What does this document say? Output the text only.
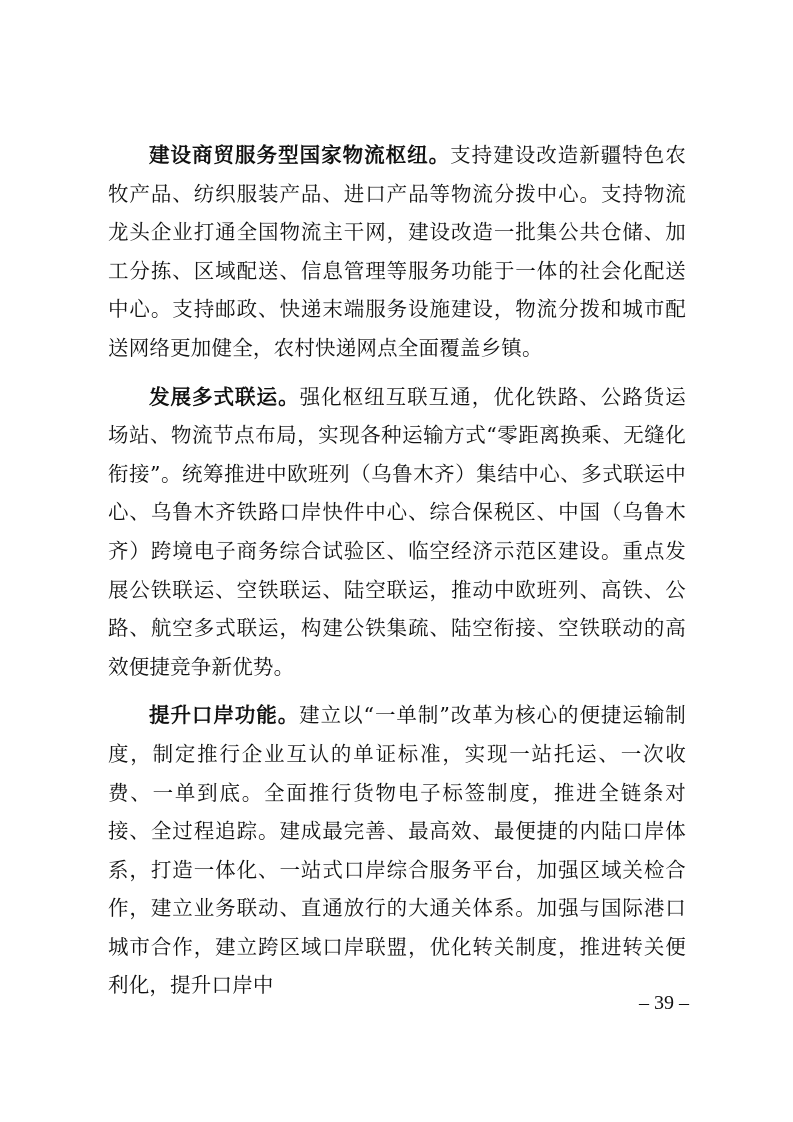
建设商贸服务型国家物流枢纽。支持建设改造新疆特色农牧产品、纺织服装产品、进口产品等物流分拨中心。支持物流龙头企业打通全国物流主干网，建设改造一批集公共仓储、加工分拣、区域配送、信息管理等服务功能于一体的社会化配送中心。支持邮政、快递末端服务设施建设，物流分拨和城市配送网络更加健全，农村快递网点全面覆盖乡镇。

发展多式联运。强化枢纽互联互通，优化铁路、公路货运场站、物流节点布局，实现各种运输方式“零距离换乘、无缝化衔接”。统筹推进中欧班列（乌鲁木齐）集结中心、多式联运中心、乌鲁木齐铁路口岸快件中心、综合保税区、中国（乌鲁木齐）跨境电子商务综合试验区、临空经济示范区建设。重点发展公铁联运、空铁联运、陆空联运，推动中欧班列、高铁、公路、航空多式联运，构建公铁集疏、陆空衔接、空铁联动的高效便捷竞争新优势。

提升口岸功能。建立以“一单制”改革为核心的便捷运输制度，制定推行企业互认的单证标准，实现一站托运、一次收费、一单到底。全面推行货物电子标签制度，推进全链条对接、全过程追踪。建成最完善、最高效、最便捷的内陆口岸体系，打造一体化、一站式口岸综合服务平台，加强区域关检合作，建立业务联动、直通放行的大通关体系。加强与国际港口城市合作，建立跨区域口岸联盟，优化转关制度，推进转关便利化，提升口岸中

– 39 –
